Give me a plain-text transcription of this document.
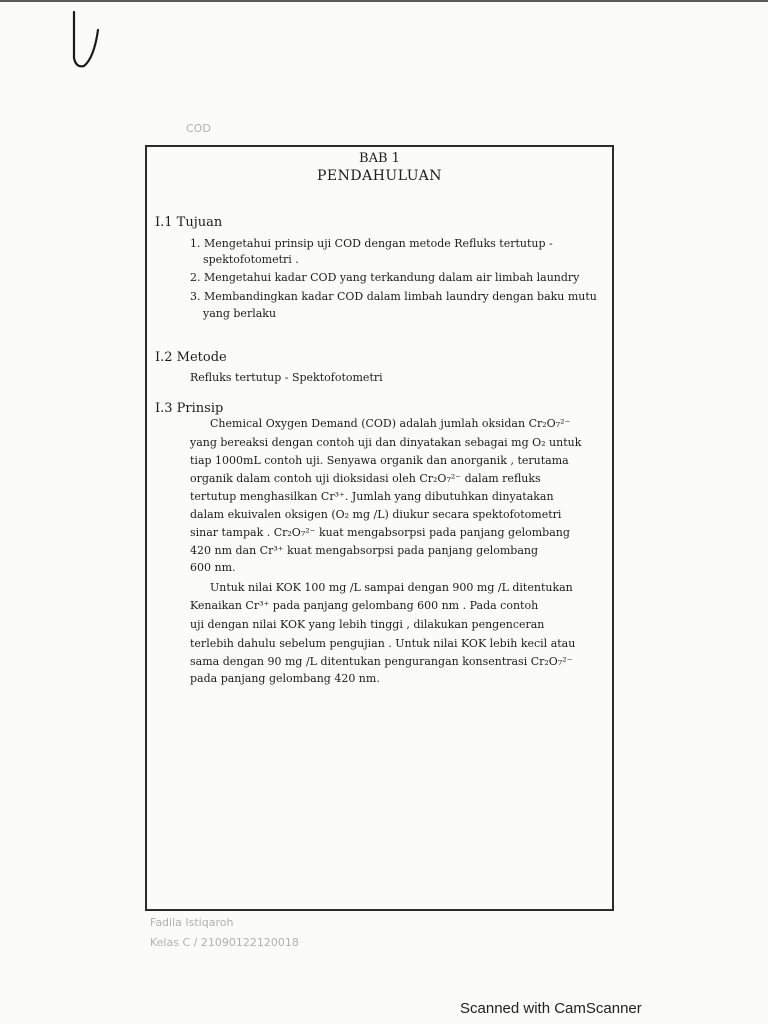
COD
BAB 1
PENDAHULUAN
I.1 Tujuan
1. Mengetahui prinsip uji COD dengan metode Refluks tertutup -
spektofotometri .
2. Mengetahui kadar COD yang terkandung dalam air limbah laundry
3. Membandingkan kadar COD dalam limbah laundry dengan baku mutu
yang berlaku
I.2 Metode
Refluks tertutup - Spektofotometri
I.3 Prinsip
Chemical Oxygen Demand (COD) adalah jumlah oksidan Cr₂O₇²⁻
yang bereaksi dengan contoh uji dan dinyatakan sebagai mg O₂ untuk
tiap 1000mL contoh uji. Senyawa organik dan anorganik , terutama
organik dalam contoh uji dioksidasi oleh Cr₂O₇²⁻ dalam refluks
tertutup menghasilkan Cr³⁺. Jumlah yang dibutuhkan dinyatakan
dalam ekuivalen oksigen (O₂ mg /L) diukur secara spektofotometri
sinar tampak . Cr₂O₇²⁻ kuat mengabsorpsi pada panjang gelombang
420 nm dan Cr³⁺ kuat mengabsorpsi pada panjang gelombang
600 nm.
Untuk nilai KOK 100 mg /L sampai dengan 900 mg /L ditentukan
Kenaikan Cr³⁺ pada panjang gelombang 600 nm . Pada contoh
uji dengan nilai KOK yang lebih tinggi , dilakukan pengenceran
terlebih dahulu sebelum pengujian . Untuk nilai KOK lebih kecil atau
sama dengan 90 mg /L ditentukan pengurangan konsentrasi Cr₂O₇²⁻
pada panjang gelombang 420 nm.
Fadila Istiqaroh
Kelas C / 21090122120018
Scanned with CamScanner
